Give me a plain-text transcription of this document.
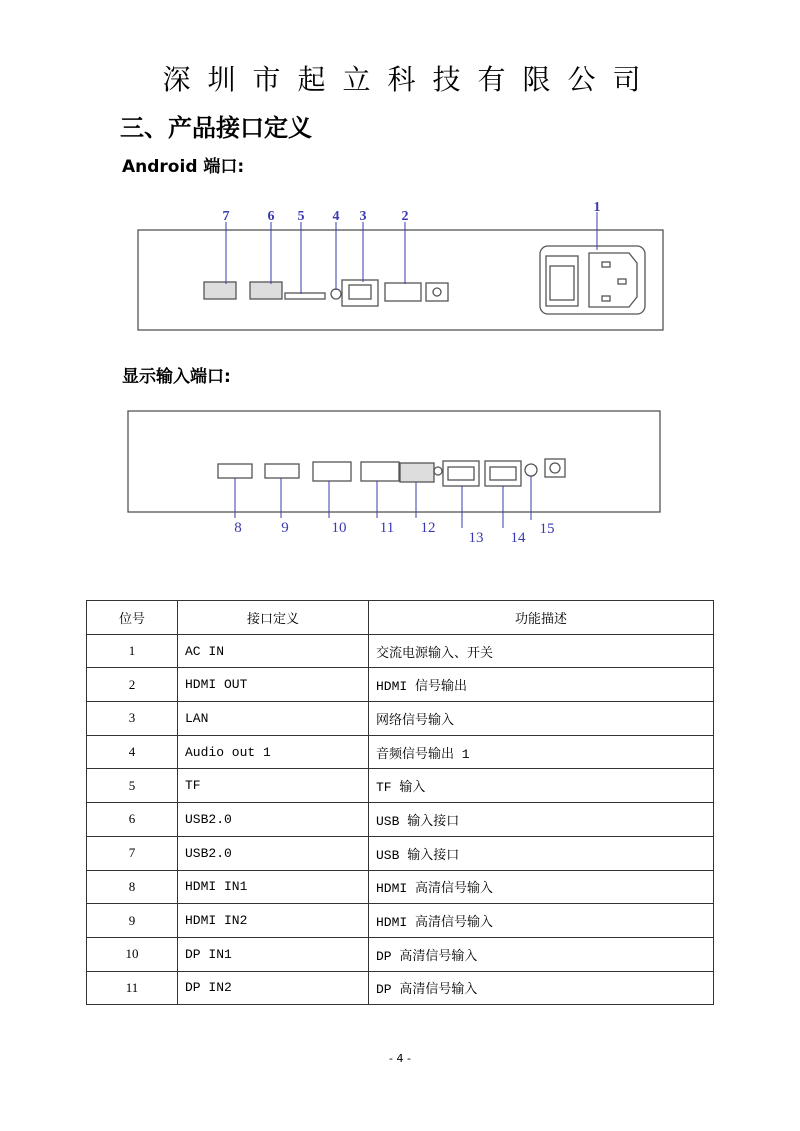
深圳市起立科技有限公司
三、产品接口定义
Android 端口:
7	6 5 4 3	2
1
显示输入端口:
8	9	10 11 12
13 14
15
位号	接口定义	功能描述
1	AC IN	交流电源输入、开关
2	HDMI OUT	HDMI 信号输出
3	LAN	网络信号输入
4	Audio out 1	音频信号输出 1
5	TF	TF 输入
6	USB2.0	USB 输入接口
7	USB2.0	USB 输入接口
8	HDMI IN1	HDMI 高清信号输入
9	HDMI IN2	HDMI 高清信号输入
10	DP IN1	DP 高清信号输入
11	DP IN2	DP 高清信号输入
- 4 -
